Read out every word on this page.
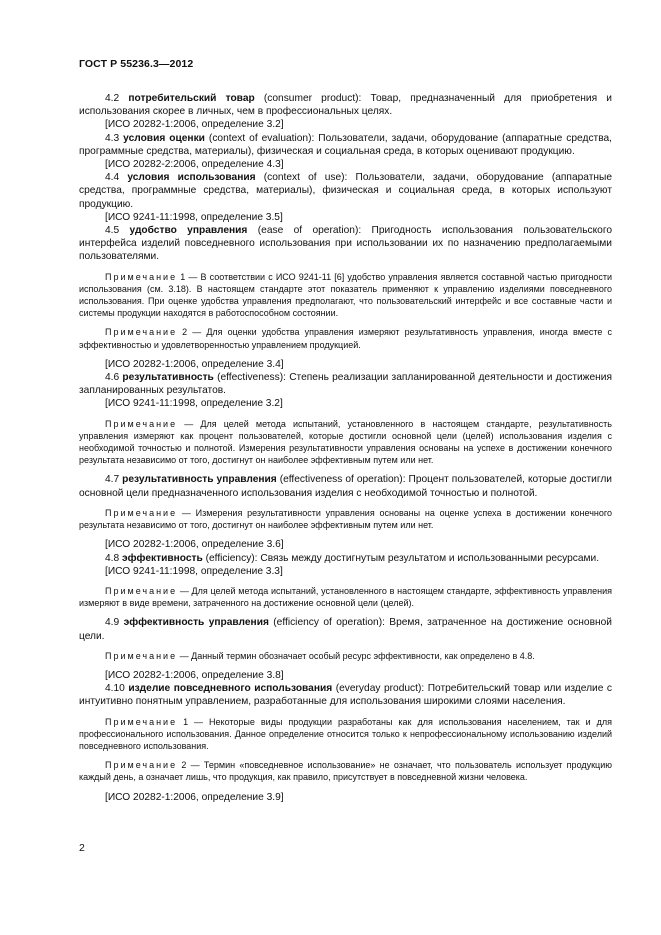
ГОСТ Р 55236.3—2012

4.2 потребительский товар (consumer product): Товар, предназначенный для приобретения и использования скорее в личных, чем в профессиональных целях.

[ИСО 20282-1:2006, определение 3.2]

4.3 условия оценки (context of evaluation): Пользователи, задачи, оборудование (аппаратные средства, программные средства, материалы), физическая и социальная среда, в которых оценивают продукцию.

[ИСО 20282-2:2006, определение 4.3]

4.4 условия использования (context of use): Пользователи, задачи, оборудование (аппаратные средства, программные средства, материалы), физическая и социальная среда, в которых используют продукцию.

[ИСО 9241-11:1998, определение 3.5]

4.5 удобство управления (ease of operation): Пригодность использования пользовательского интерфейса изделий повседневного использования при использовании их по назначению предполагаемыми пользователями.

Примечание 1 — В соответствии с ИСО 9241-11 [6] удобство управления является составной частью пригодности использования (см. 3.18). В настоящем стандарте этот показатель применяют к управлению изделиями повседневного использования. При оценке удобства управления предполагают, что пользовательский интерфейс и все составные части и системы продукции находятся в работоспособном состоянии.

Примечание 2 — Для оценки удобства управления измеряют результативность управления, иногда вместе с эффективностью и удовлетворенностью управлением продукцией.

[ИСО 20282-1:2006, определение 3.4]

4.6 результативность (effectiveness): Степень реализации запланированной деятельности и достижения запланированных результатов.

[ИСО 9241-11:1998, определение 3.2]

Примечание — Для целей метода испытаний, установленного в настоящем стандарте, результативность управления измеряют как процент пользователей, которые достигли основной цели (целей) использования изделия с необходимой точностью и полнотой. Измерения результативности управления основаны на успехе в достижении конечного результата независимо от того, достигнут он наиболее эффективным путем или нет.

4.7 результативность управления (effectiveness of operation): Процент пользователей, которые достигли основной цели предназначенного использования изделия с необходимой точностью и полнотой.

Примечание — Измерения результативности управления основаны на оценке успеха в достижении конечного результата независимо от того, достигнут он наиболее эффективным путем или нет.

[ИСО 20282-1:2006, определение 3.6]

4.8 эффективность (efficiency): Связь между достигнутым результатом и использованными ресурсами.

[ИСО 9241-11:1998, определение 3.3]

Примечание — Для целей метода испытаний, установленного в настоящем стандарте, эффективность управления измеряют в виде времени, затраченного на достижение основной цели (целей).

4.9 эффективность управления (efficiency of operation): Время, затраченное на достижение основной цели.

Примечание — Данный термин обозначает особый ресурс эффективности, как определено в 4.8.

[ИСО 20282-1:2006, определение 3.8]

4.10 изделие повседневного использования (everyday product): Потребительский товар или изделие с интуитивно понятным управлением, разработанные для использования широкими слоями населения.

Примечание 1 — Некоторые виды продукции разработаны как для использования населением, так и для профессионального использования. Данное определение относится только к непрофессиональному использованию изделий повседневного использования.

Примечание 2 — Термин «повседневное использование» не означает, что пользователь использует продукцию каждый день, а означает лишь, что продукция, как правило, присутствует в повседневной жизни человека.

[ИСО 20282-1:2006, определение 3.9]

2
